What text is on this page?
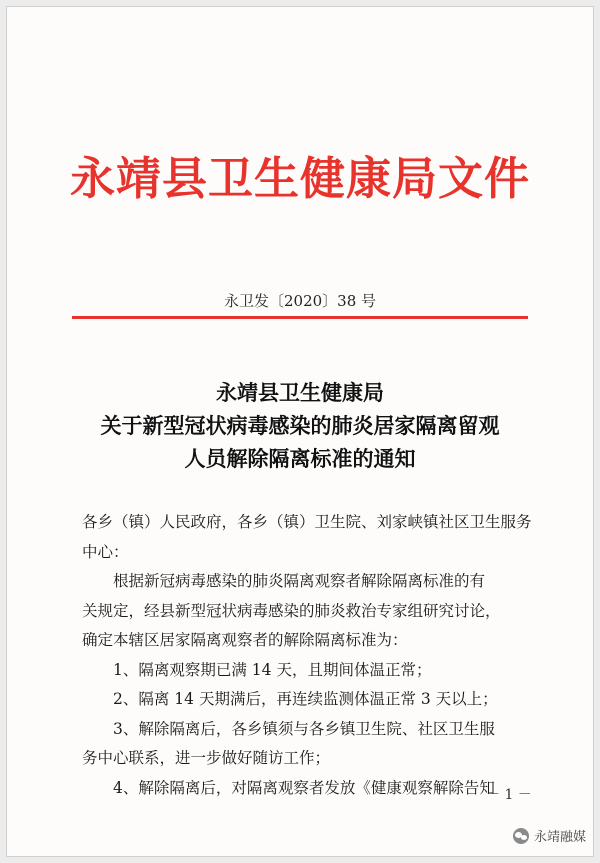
永靖县卫生健康局文件
永卫发〔2020〕38 号
永靖县卫生健康局
关于新型冠状病毒感染的肺炎居家隔离留观
人员解除隔离标准的通知

各乡（镇）人民政府，各乡（镇）卫生院、刘家峡镇社区卫生服务

中心：

根据新冠病毒感染的肺炎隔离观察者解除隔离标准的有

关规定，经县新型冠状病毒感染的肺炎救治专家组研究讨论，

确定本辖区居家隔离观察者的解除隔离标准为：

1、隔离观察期已满 14 天，且期间体温正常；

2、隔离 14 天期满后，再连续监测体温正常 3 天以上；

3、解除隔离后，各乡镇须与各乡镇卫生院、社区卫生服

务中心联系，进一步做好随访工作；

4、解除隔离后，对隔离观察者发放《健康观察解除告知

－ 1 －
永靖融媒
